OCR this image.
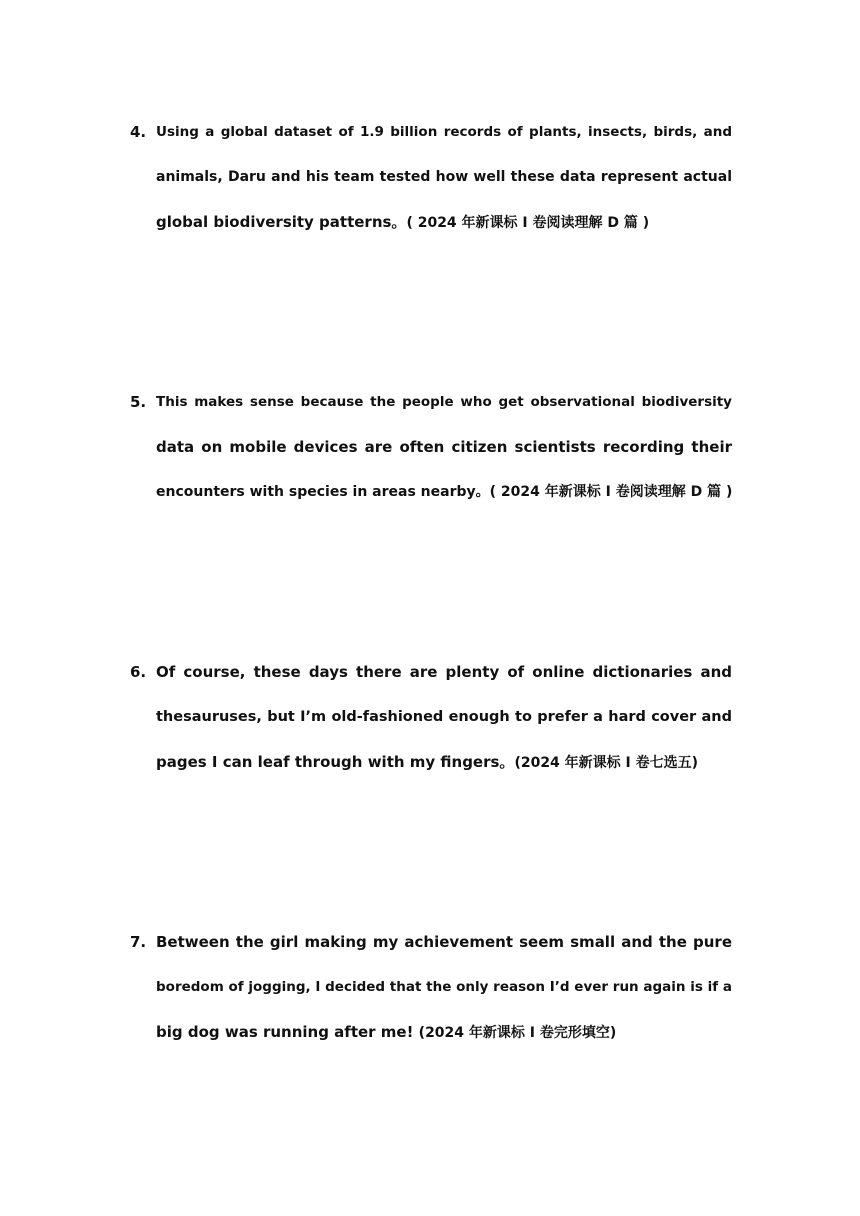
4. Using a global dataset of 1.9 billion records of plants, insects, birds, and
animals, Daru and his team tested how well these data represent actual
global biodiversity patterns。( 2024 年新课标 I 卷阅读理解 D 篇 )
5. This makes sense because the people who get observational biodiversity
data on mobile devices are often citizen scientists recording their
encounters with species in areas nearby。( 2024 年新课标 I 卷阅读理解 D 篇 )
6. Of course, these days there are plenty of online dictionaries and
thesauruses, but I’m old-fashioned enough to prefer a hard cover and
pages I can leaf through with my fingers。(2024 年新课标 I 卷七选五)
7. Between the girl making my achievement seem small and the pure
boredom of jogging, I decided that the only reason I’d ever run again is if a
big dog was running after me! (2024 年新课标 I 卷完形填空)
